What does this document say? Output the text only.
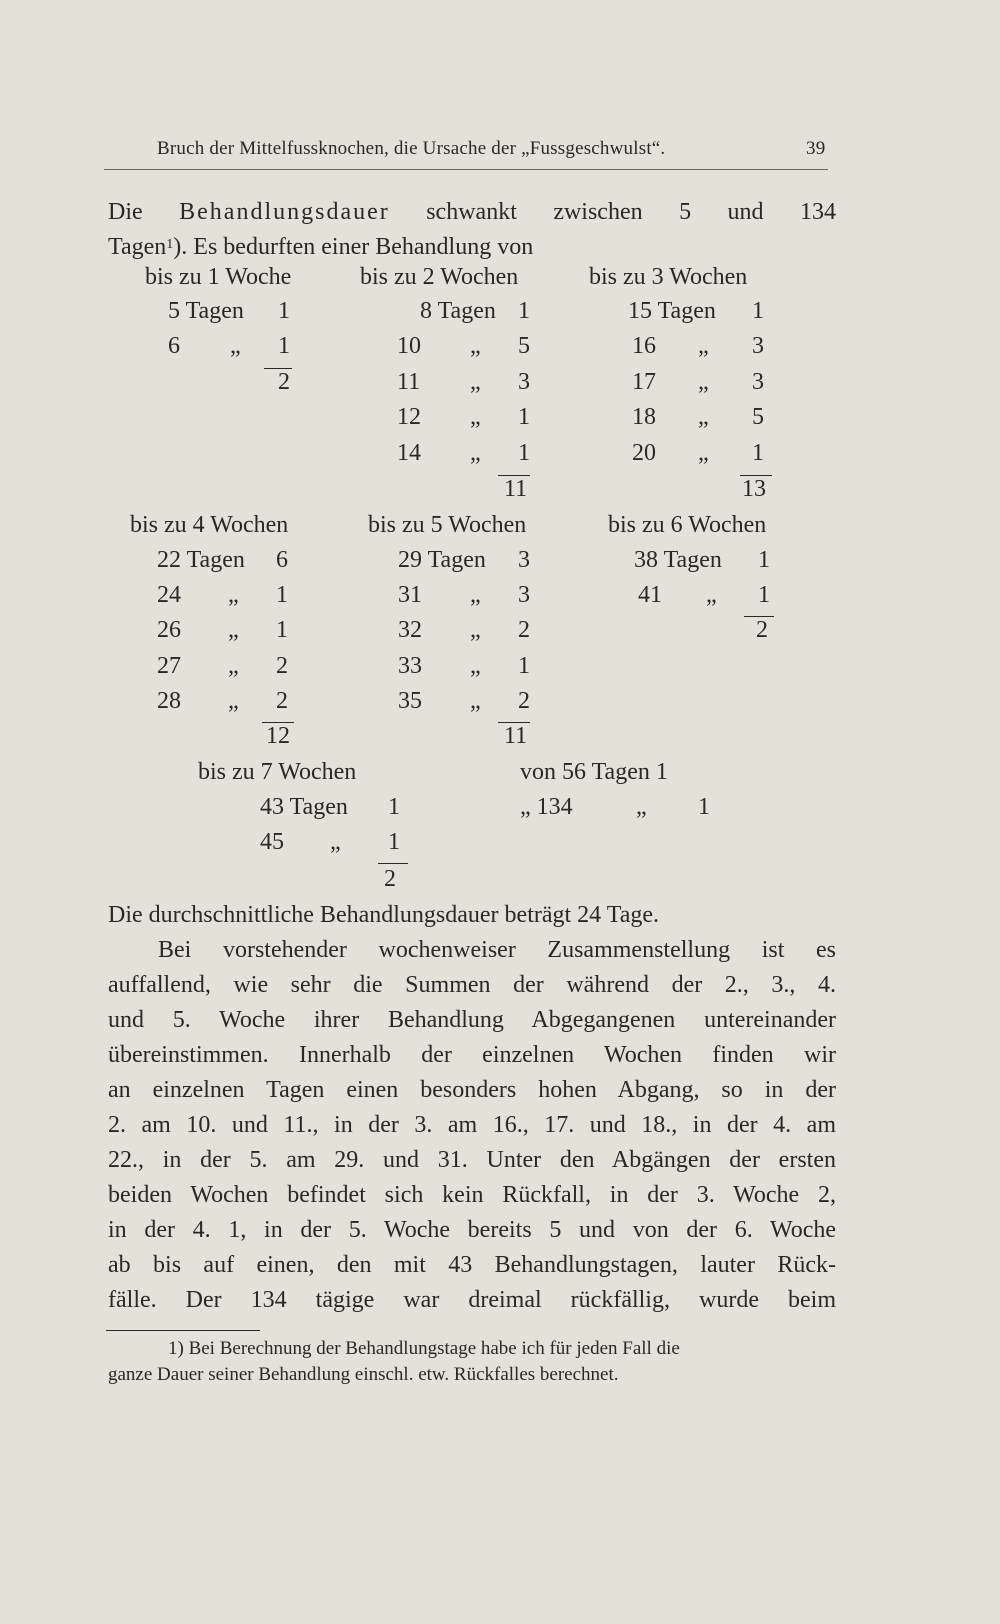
Bruch der Mittelfussknochen, die Ursache der „Fussgeschwulst“.	39
Die Behandlungsdauer schwankt zwischen 5 und 134
Tagen$^1$). Es bedurften einer Behandlung von
bis zu 1 Woche	bis zu 2 Wochen	bis zu 3 Wochen
5 Tagen 1
6 „ 1
2
8 Tagen 1
10 „ 5
11 „ 3
12 „ 1
14 „ 1
11
15 Tagen 1
16 „ 3
17 „ 3
18 „ 5
20 „ 1
13
bis zu 4 Wochen	bis zu 5 Wochen	bis zu 6 Wochen
22 Tagen 6
24 „ 1
26 „ 1
27 „ 2
28 „ 2
12
29 Tagen 3
31 „ 3
32 „ 2
33 „ 1
35 „ 2
11
38 Tagen 1
41 „ 1
2
bis zu 7 Wochen	von 56 Tagen 1
43 Tagen 1
45 „ 1
2
„ 134	„ 1
Die durchschnittliche Behandlungsdauer beträgt 24 Tage.
Bei vorstehender wochenweiser Zusammenstellung ist es
auffallend, wie sehr die Summen der während der 2., 3., 4.
und 5. Woche ihrer Behandlung Abgegangenen untereinander
übereinstimmen. Innerhalb der einzelnen Wochen finden wir
an einzelnen Tagen einen besonders hohen Abgang, so in der
2. am 10. und 11., in der 3. am 16., 17. und 18., in der 4. am
22., in der 5. am 29. und 31. Unter den Abgängen der ersten
beiden Wochen befindet sich kein Rückfall, in der 3. Woche 2,
in der 4. 1, in der 5. Woche bereits 5 und von der 6. Woche
ab bis auf einen, den mit 43 Behandlungstagen, lauter Rück-
fälle. Der 134 tägige war dreimal rückfällig, wurde beim
1) Bei Berechnung der Behandlungstage habe ich für jeden Fall die
ganze Dauer seiner Behandlung einschl. etw. Rückfalles berechnet.
